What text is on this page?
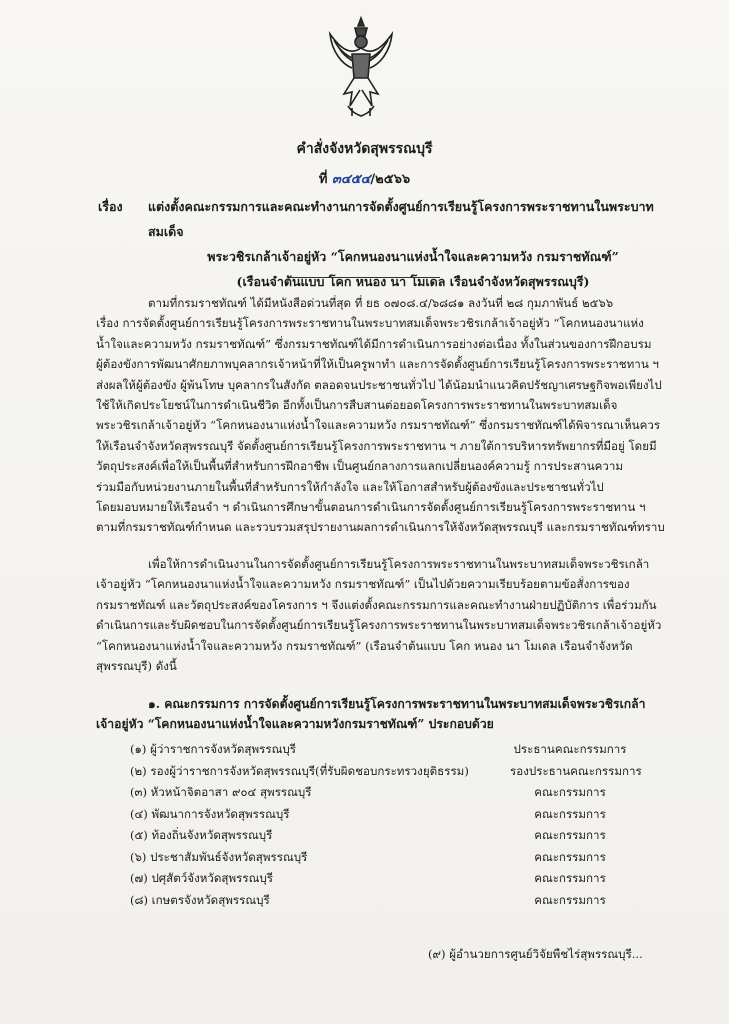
คำสั่งจังหวัดสุพรรณบุรี
ที่ ๓๔๕๔/๒๕๖๖
เรื่อง	แต่งตั้งคณะกรรมการและคณะทำงานการจัดตั้งศูนย์การเรียนรู้โครงการพระราชทานในพระบาทสมเด็จ
พระวชิรเกล้าเจ้าอยู่หัว “โคกหนองนาแห่งน้ำใจและความหวัง กรมราชทัณฑ์”
(เรือนจำต้นแบบ โคก หนอง นา โมเดล เรือนจำจังหวัดสุพรรณบุรี)
ตามที่กรมราชทัณฑ์ ได้มีหนังสือด่วนที่สุด ที่ ยธ ๐๗๐๘.๔/๖๘๘๑ ลงวันที่ ๒๘ กุมภาพันธ์ ๒๕๖๖
เรื่อง การจัดตั้งศูนย์การเรียนรู้โครงการพระราชทานในพระบาทสมเด็จพระวชิรเกล้าเจ้าอยู่หัว “โคกหนองนาแห่ง
น้ำใจและความหวัง กรมราชทัณฑ์” ซึ่งกรมราชทัณฑ์ได้มีการดำเนินการอย่างต่อเนื่อง ทั้งในส่วนของการฝึกอบรม
ผู้ต้องขังการพัฒนาศักยภาพบุคลากรเจ้าหน้าที่ให้เป็นครูพาทำ และการจัดตั้งศูนย์การเรียนรู้โครงการพระราชทาน ฯ
ส่งผลให้ผู้ต้องขัง ผู้พ้นโทษ บุคลากรในสังกัด ตลอดจนประชาชนทั่วไป ได้น้อมนำแนวคิดปรัชญาเศรษฐกิจพอเพียงไป
ใช้ให้เกิดประโยชน์ในการดำเนินชีวิต อีกทั้งเป็นการสืบสานต่อยอดโครงการพระราชทานในพระบาทสมเด็จ
พระวชิรเกล้าเจ้าอยู่หัว “โคกหนองนาแห่งน้ำใจและความหวัง กรมราชทัณฑ์” ซึ่งกรมราชทัณฑ์ได้พิจารณาเห็นควร
ให้เรือนจำจังหวัดสุพรรณบุรี จัดตั้งศูนย์การเรียนรู้โครงการพระราชทาน ฯ ภายใต้การบริหารทรัพยากรที่มีอยู่ โดยมี
วัตถุประสงค์เพื่อให้เป็นพื้นที่สำหรับการฝึกอาชีพ เป็นศูนย์กลางการแลกเปลี่ยนองค์ความรู้ การประสานความ
ร่วมมือกับหน่วยงานภายในพื้นที่สำหรับการให้กำลังใจ และให้โอกาสสำหรับผู้ต้องขังและประชาชนทั่วไป
โดยมอบหมายให้เรือนจำ ฯ ดำเนินการศึกษาขั้นตอนการดำเนินการจัดตั้งศูนย์การเรียนรู้โครงการพระราชทาน ฯ
ตามที่กรมราชทัณฑ์กำหนด และรวบรวมสรุปรายงานผลการดำเนินการให้จังหวัดสุพรรณบุรี และกรมราชทัณฑ์ทราบ
เพื่อให้การดำเนินงานในการจัดตั้งศูนย์การเรียนรู้โครงการพระราชทานในพระบาทสมเด็จพระวชิรเกล้า
เจ้าอยู่หัว “โคกหนองนาแห่งน้ำใจและความหวัง กรมราชทัณฑ์” เป็นไปด้วยความเรียบร้อยตามข้อสั่งการของ
กรมราชทัณฑ์ และวัตถุประสงค์ของโครงการ ฯ จึงแต่งตั้งคณะกรรมการและคณะทำงานฝ่ายปฏิบัติการ เพื่อร่วมกัน
ดำเนินการและรับผิดชอบในการจัดตั้งศูนย์การเรียนรู้โครงการพระราชทานในพระบาทสมเด็จพระวชิรเกล้าเจ้าอยู่หัว
“โคกหนองนาแห่งน้ำใจและความหวัง กรมราชทัณฑ์” (เรือนจำต้นแบบ โคก หนอง นา โมเดล เรือนจำจังหวัด
สุพรรณบุรี) ดังนี้
๑. คณะกรรมการ การจัดตั้งศูนย์การเรียนรู้โครงการพระราชทานในพระบาทสมเด็จพระวชิรเกล้า
เจ้าอยู่หัว “โคกหนองนาแห่งน้ำใจและความหวังกรมราชทัณฑ์” ประกอบด้วย
(๑) ผู้ว่าราชการจังหวัดสุพรรณบุรี	ประธานคณะกรรมการ
(๒) รองผู้ว่าราชการจังหวัดสุพรรณบุรี(ที่รับผิดชอบกระทรวงยุติธรรม)	รองประธานคณะกรรมการ
(๓) หัวหน้าจิตอาสา ๙๐๔ สุพรรณบุรี	คณะกรรมการ
(๔) พัฒนาการจังหวัดสุพรรณบุรี	คณะกรรมการ
(๕) ท้องถิ่นจังหวัดสุพรรณบุรี	คณะกรรมการ
(๖) ประชาสัมพันธ์จังหวัดสุพรรณบุรี	คณะกรรมการ
(๗) ปศุสัตว์จังหวัดสุพรรณบุรี	คณะกรรมการ
(๘) เกษตรจังหวัดสุพรรณบุรี	คณะกรรมการ
(๙) ผู้อำนวยการศูนย์วิจัยพืชไร่สุพรรณบุรี...
